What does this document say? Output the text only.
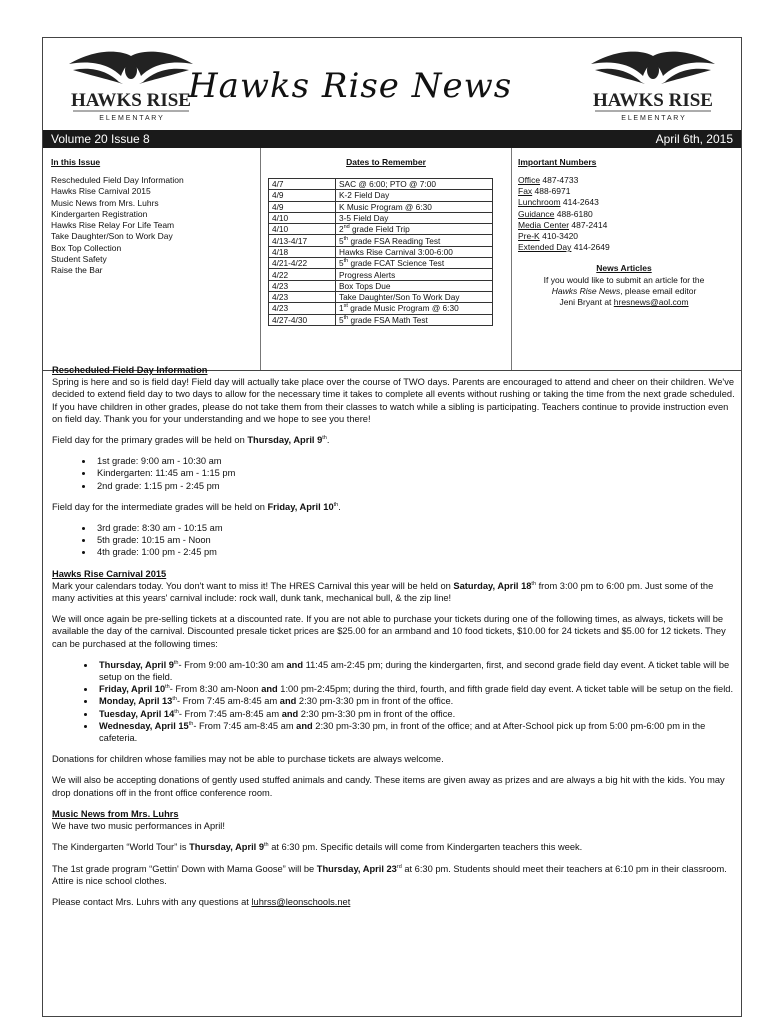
HAWKS RISE
E L E M E N T A R Y
Hawks Rise News	HAWKS RISE
E L E M E N T A R Y
Volume 20 Issue 8	April 6th, 2015
In this Issue
Rescheduled Field Day Information
Hawks Rise Carnival 2015
Music News from Mrs. Luhrs
Kindergarten Registration
Hawks Rise Relay For Life Team
Take Daughter/Son to Work Day
Box Top Collection
Student Safety
Raise the Bar
Dates to Remember
4/7	SAC @ 6:00; PTO @ 7:00
4/9	K-2 Field Day
4/9	K Music Program @ 6:30
4/10	3-5 Field Day
4/10	2nd grade Field Trip
4/13-4/17	5th grade FSA Reading Test
4/18	Hawks Rise Carnival 3:00-6:00
4/21-4/22	5th grade FCAT Science Test
4/22	Progress Alerts
4/23	Box Tops Due
4/23	Take Daughter/Son To Work Day
4/23	1st grade Music Program @ 6:30
4/27-4/30	5th grade FSA Math Test
Important Numbers
Office 487-4733
Fax 488-6971
Lunchroom 414-2643
Guidance 488-6180
Media Center 487-2414
Pre-K 410-3420
Extended Day 414-2649
News Articles
If you would like to submit an article for the
Hawks Rise News, please email editor
Jeni Bryant at hresnews@aol.com
Rescheduled Field Day Information

Spring is here and so is field day! Field day will actually take place over the course of TWO days. Parents are encouraged to attend and cheer on their children. We've decided to extend field day to two days to allow for the necessary time it takes to complete all events without rushing or taking the time from the next grade scheduled. If you have children in other grades, please do not take them from their classes to watch while a sibling is participating. Teachers continue to provide instruction even on field day. Thank you for your understanding and we hope to see you there!

Field day for the primary grades will be held on Thursday, April 9th.

• 1st grade: 9:00 am - 10:30 am
• Kindergarten: 11:45 am - 1:15 pm
• 2nd grade: 1:15 pm - 2:45 pm

Field day for the intermediate grades will be held on Friday, April 10th.

• 3rd grade: 8:30 am - 10:15 am
• 5th grade: 10:15 am - Noon
• 4th grade: 1:00 pm - 2:45 pm
Hawks Rise Carnival 2015

Mark your calendars today. You don't want to miss it! The HRES Carnival this year will be held on Saturday, April 18th from 3:00 pm to 6:00 pm. Just some of the many activities at this years' carnival include: rock wall, dunk tank, mechanical bull, & the zip line!

We will once again be pre-selling tickets at a discounted rate. If you are not able to purchase your tickets during one of the following times, as always, tickets will be available the day of the carnival. Discounted presale ticket prices are $25.00 for an armband and 10 food tickets, $10.00 for 24 tickets and $5.00 for 12 tickets. They can be purchased at the following times:

• Thursday, April 9th- From 9:00 am-10:30 am and 11:45 am-2:45 pm; during the kindergarten, first, and second grade field day event. A ticket table will be setup on the field.
• Friday, April 10th- From 8:30 am-Noon and 1:00 pm-2:45pm; during the third, fourth, and fifth grade field day event. A ticket table will be setup on the field.
• Monday, April 13th- From 7:45 am-8:45 am and 2:30 pm-3:30 pm in front of the office.
• Tuesday, April 14th- From 7:45 am-8:45 am and 2:30 pm-3:30 pm in front of the office.
• Wednesday, April 15th- From 7:45 am-8:45 am and 2:30 pm-3:30 pm, in front of the office; and at After-School pick up from 5:00 pm-6:00 pm in the cafeteria.

Donations for children whose families may not be able to purchase tickets are always welcome.

We will also be accepting donations of gently used stuffed animals and candy. These items are given away as prizes and are always a big hit with the kids. You may drop donations off in the front office conference room.

Music News from Mrs. Luhrs

We have two music performances in April!

The Kindergarten “World Tour” is Thursday, April 9th at 6:30 pm. Specific details will come from Kindergarten teachers this week.

The 1st grade program “Gettin' Down with Mama Goose” will be Thursday, April 23rd at 6:30 pm. Students should meet their teachers at 6:10 pm in their classroom. Attire is nice school clothes.

Please contact Mrs. Luhrs with any questions at luhrss@leonschools.net
